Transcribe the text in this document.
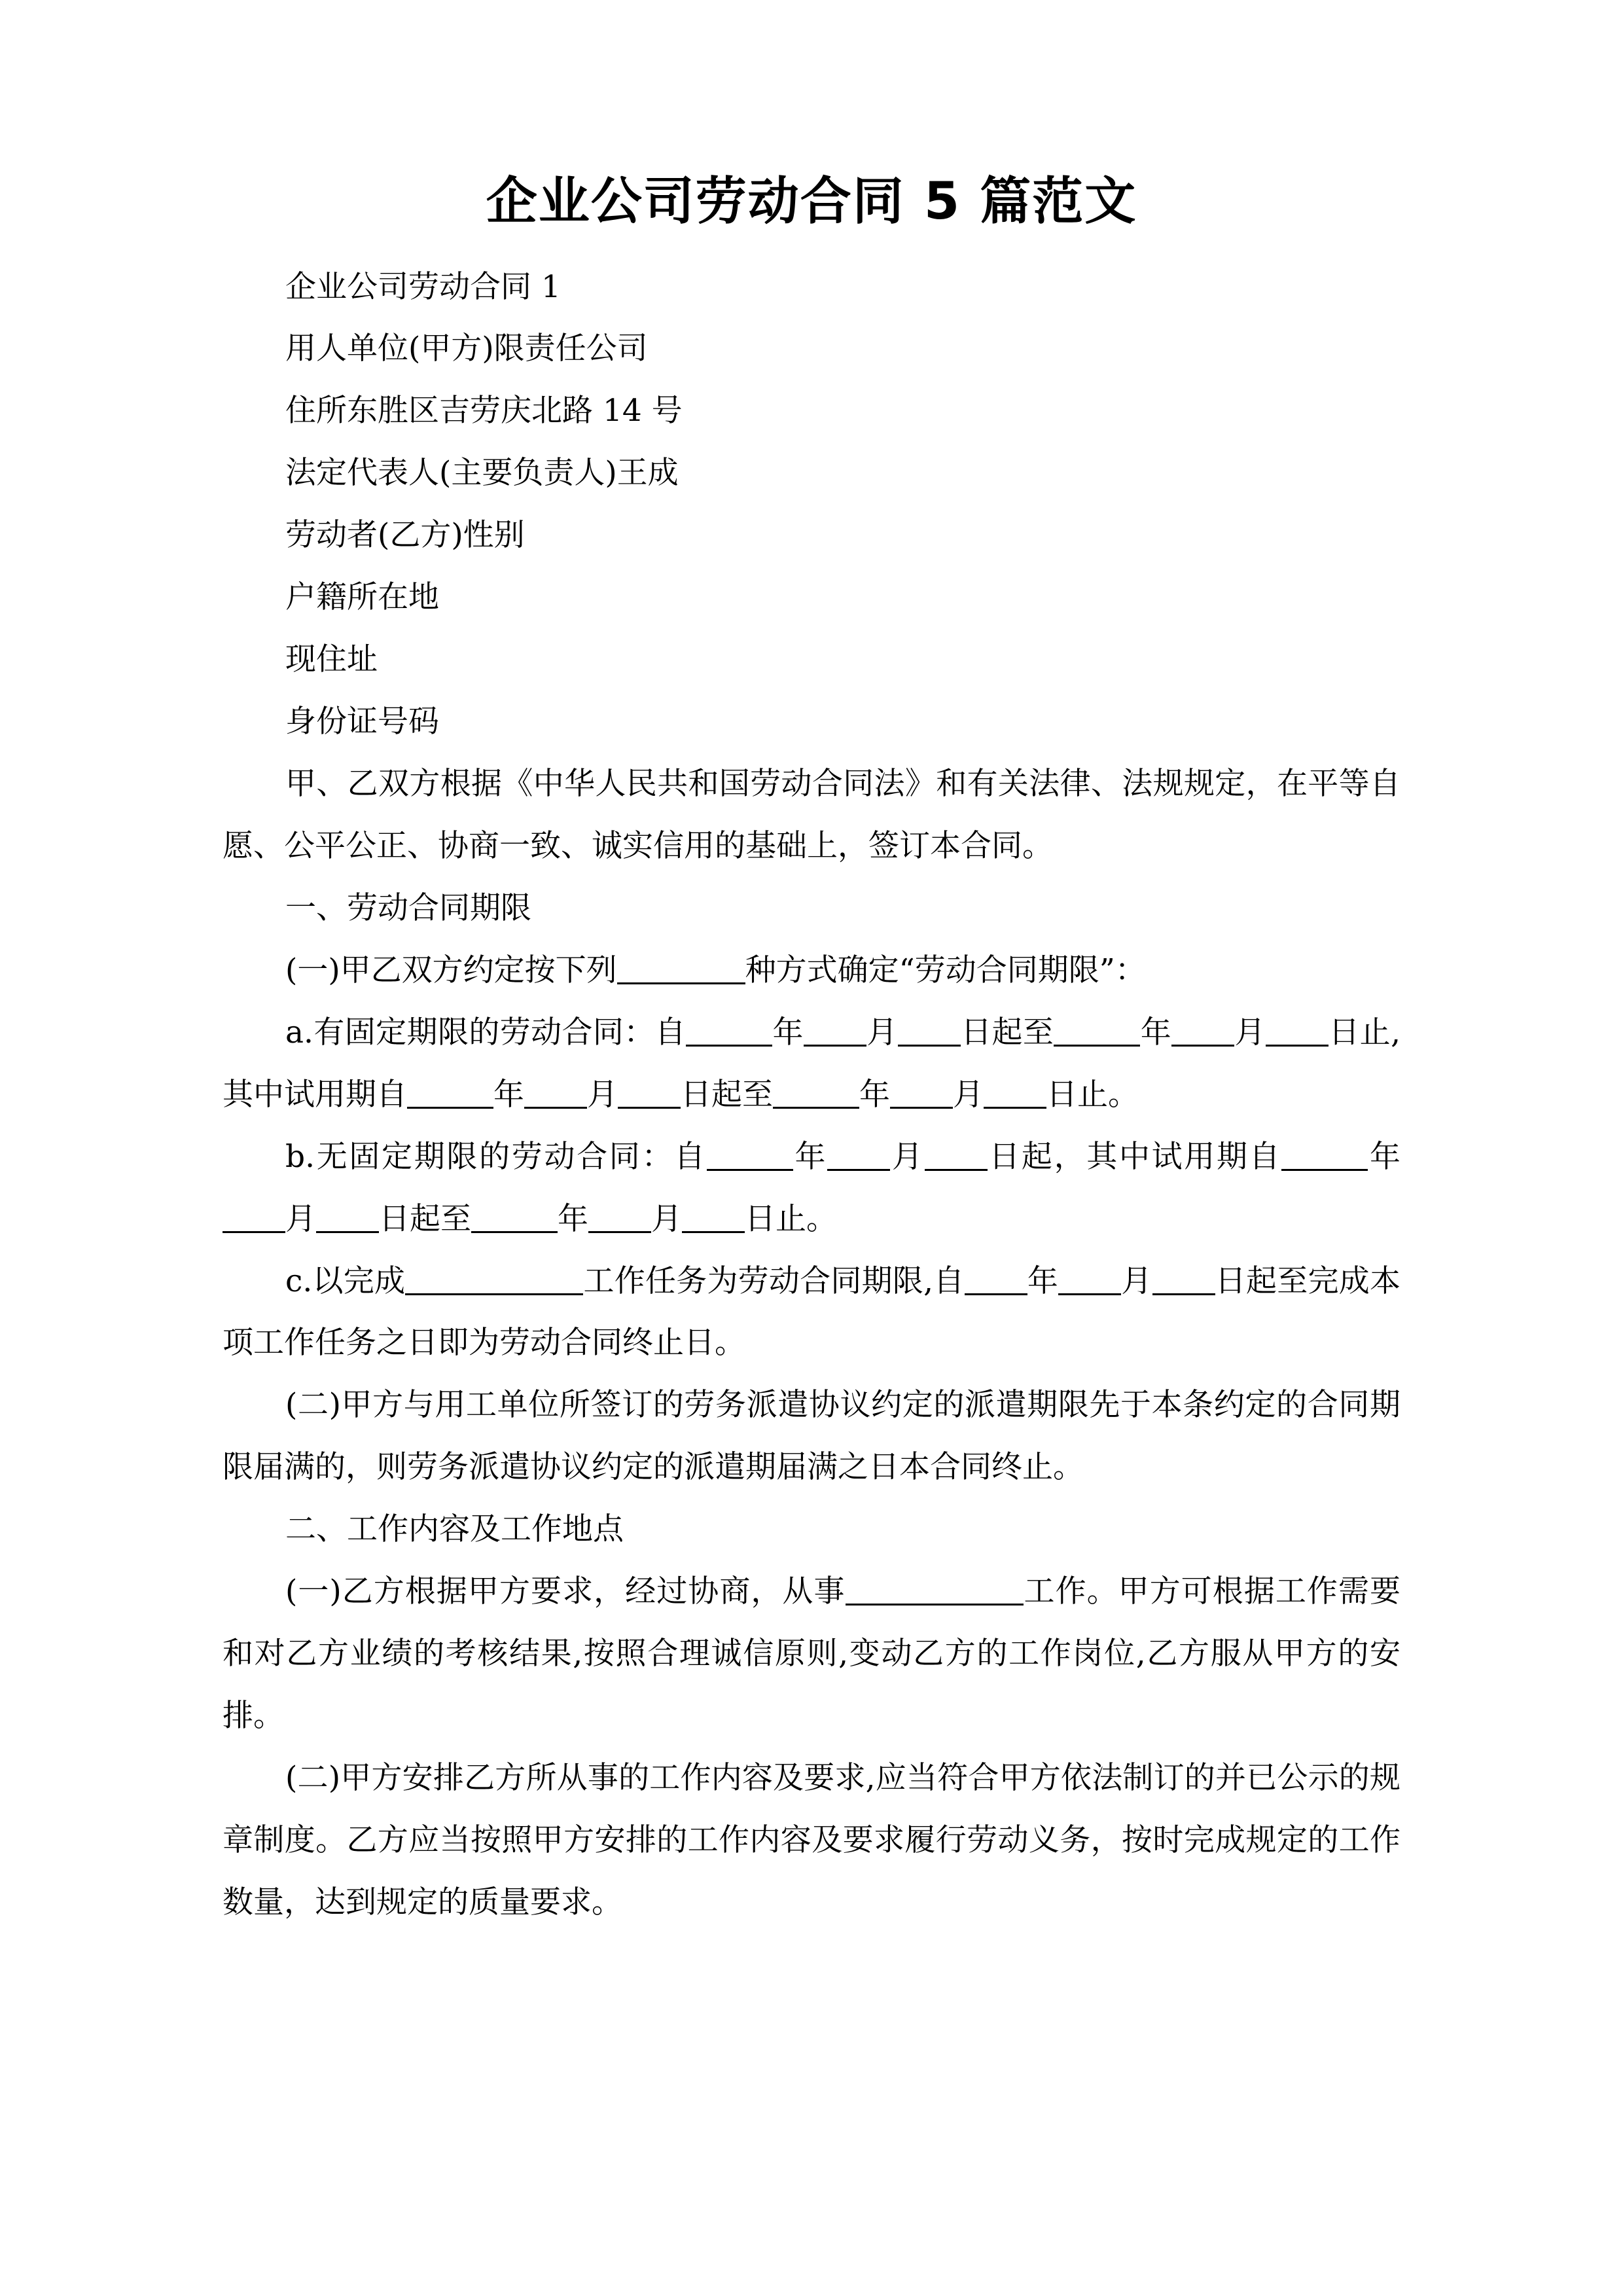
企业公司劳动合同 5 篇范文

企业公司劳动合同 1

用人单位(甲方)限责任公司

住所东胜区吉劳庆北路 14 号

法定代表人(主要负责人)王成

劳动者(乙方)性别

户籍所在地

现住址

身份证号码

甲、乙双方根据《中华人民共和国劳动合同法》和有关法律、法规规定，在平等自愿、公平公正、协商一致、诚实信用的基础上，签订本合同。

一、劳动合同期限

(一)甲乙双方约定按下列	种方式确定“劳动合同期限”：

a.有固定期限的劳动合同：自	年 月 日起至	年 月 日止,其中试用期自	年 月 日起至	年 月 日止。

b.无固定期限的劳动合同：自	年 月 日起，其中试用期自	年月 日起至	年 月 日止。

c.以完成	工作任务为劳动合同期限,自 年 月 日起至完成本项工作任务之日即为劳动合同终止日。

(二)甲方与用工单位所签订的劳务派遣协议约定的派遣期限先于本条约定的合同期限届满的，则劳务派遣协议约定的派遣期届满之日本合同终止。

二、工作内容及工作地点

(一)乙方根据甲方要求，经过协商，从事	工作。甲方可根据工作需要和对乙方业绩的考核结果,按照合理诚信原则,变动乙方的工作岗位,乙方服从甲方的安排。

(二)甲方安排乙方所从事的工作内容及要求,应当符合甲方依法制订的并已公示的规章制度。乙方应当按照甲方安排的工作内容及要求履行劳动义务，按时完成规定的工作数量，达到规定的质量要求。
